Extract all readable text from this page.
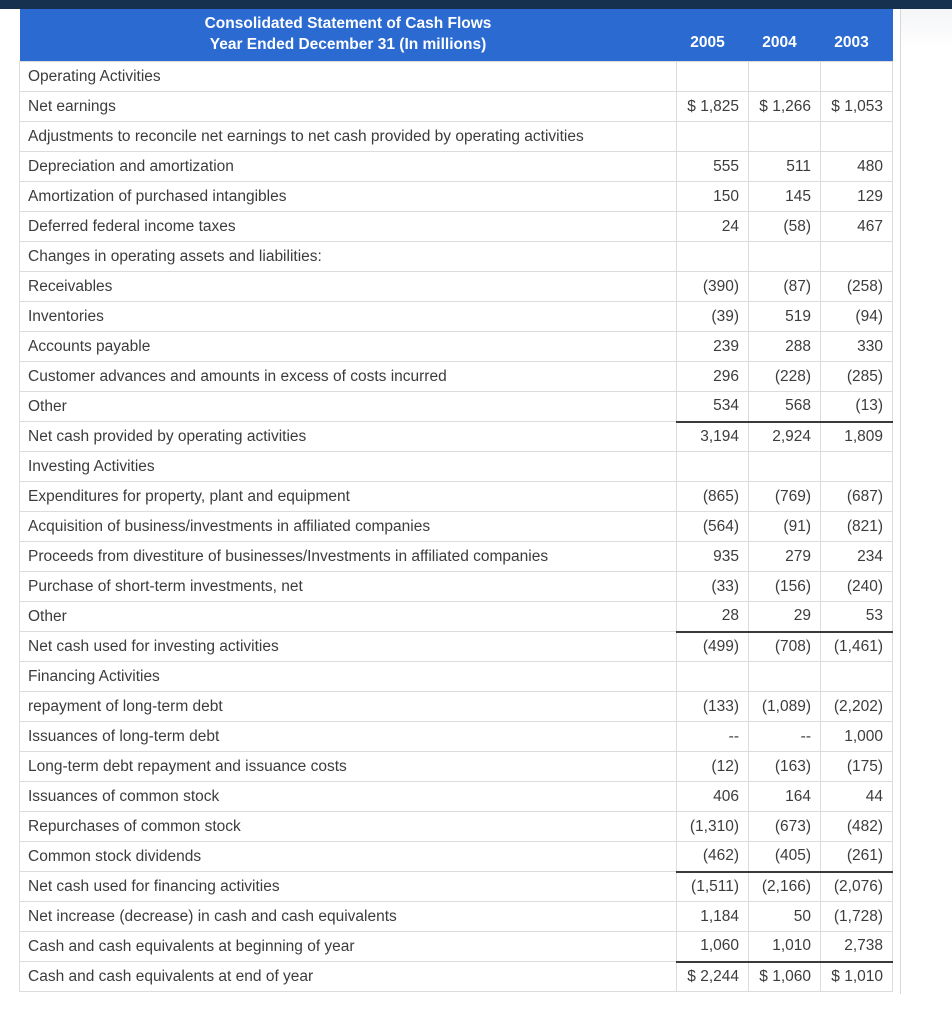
Consolidated Statement of Cash Flows	2005	2004	2003
Year Ended December 31 (In millions)			
Operating Activities			
Net earnings	$ 1,825	$ 1,266	$ 1,053
Adjustments to reconcile net earnings to net cash provided by operating activities			
Depreciation and amortization	555	511	480
Amortization of purchased intangibles	150	145	129
Deferred federal income taxes	24	(58)	467
Changes in operating assets and liabilities:			
Receivables	(390)	(87)	(258)
Inventories	(39)	519	(94)
Accounts payable	239	288	330
Customer advances and amounts in excess of costs incurred	296	(228)	(285)
Other	534	568	(13)
Net cash provided by operating activities	3,194	2,924	1,809
Investing Activities			
Expenditures for property, plant and equipment	(865)	(769)	(687)
Acquisition of business/investments in affiliated companies	(564)	(91)	(821)
Proceeds from divestiture of businesses/Investments in affiliated companies	935	279	234
Purchase of short-term investments, net	(33)	(156)	(240)
Other	28	29	53
Net cash used for investing activities	(499)	(708)	(1,461)
Financing Activities			
repayment of long-term debt	(133)	(1,089)	(2,202)
Issuances of long-term debt	--	--	1,000
Long-term debt repayment and issuance costs	(12)	(163)	(175)
Issuances of common stock	406	164	44
Repurchases of common stock	(1,310)	(673)	(482)
Common stock dividends	(462)	(405)	(261)
Net cash used for financing activities	(1,511)	(2,166)	(2,076)
Net increase (decrease) in cash and cash equivalents	1,184	50	(1,728)
Cash and cash equivalents at beginning of year	1,060	1,010	2,738
Cash and cash equivalents at end of year	$ 2,244	$ 1,060	$ 1,010
